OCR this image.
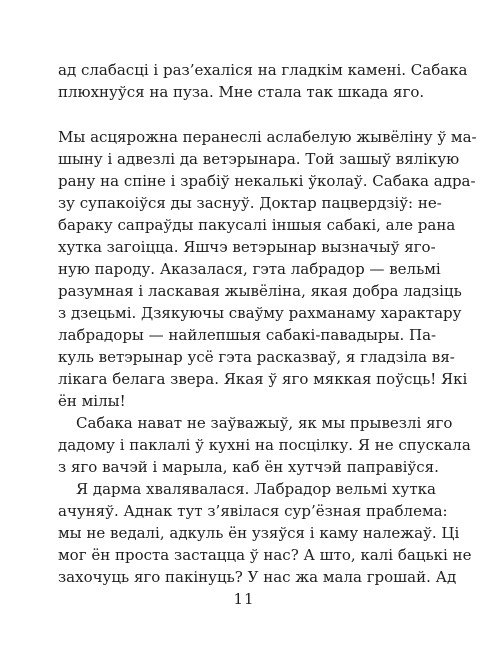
ад слабасці і раз’ехаліся на гладкім камені. Сабака
плюхнуўся на пуза. Мне стала так шкада яго.
Мы асцярожна перанеслі аслабелую жывёліну ў ма-
шыну і адвезлі да ветэрынара. Той зашыў вялікую
рану на спіне і зрабіў некалькі ўколаў. Сабака адра-
зу супакоіўся ды заснуў. Доктар пацвердзіў: не-
бараку сапраўды пакусалі іншыя сабакі, але рана
хутка загоіцца. Яшчэ ветэрынар вызначыў яго-
ную пароду. Аказалася, гэта лабрадор — вельмі
разумная і ласкавая жывёліна, якая добра ладзіць
з дзецьмі. Дзякуючы сваўму рахманаму характару
лабрадоры — найлепшыя сабакі-павадыры. Па-
куль ветэрынар усё гэта расказваў, я гладзіла вя-
лікага белага звера. Якая ў яго мяккая поўсць! Які
ён мілы!
Сабака нават не заўважыў, як мы прывезлі яго
дадому і паклалі ў кухні на посцілку. Я не спускала
з яго вачэй і марыла, каб ён хутчэй паправіўся.
Я дарма хвалявалася. Лабрадор вельмі хутка
ачуняў. Аднак тут з’явілася сур’ёзная праблема:
мы не ведалі, адкуль ён узяўся і каму належаў. Ці
мог ён проста застацца ў нас? А што, калі бацькі не
захочуць яго пакінуць? У нас жа мала грошай. Ад
11
